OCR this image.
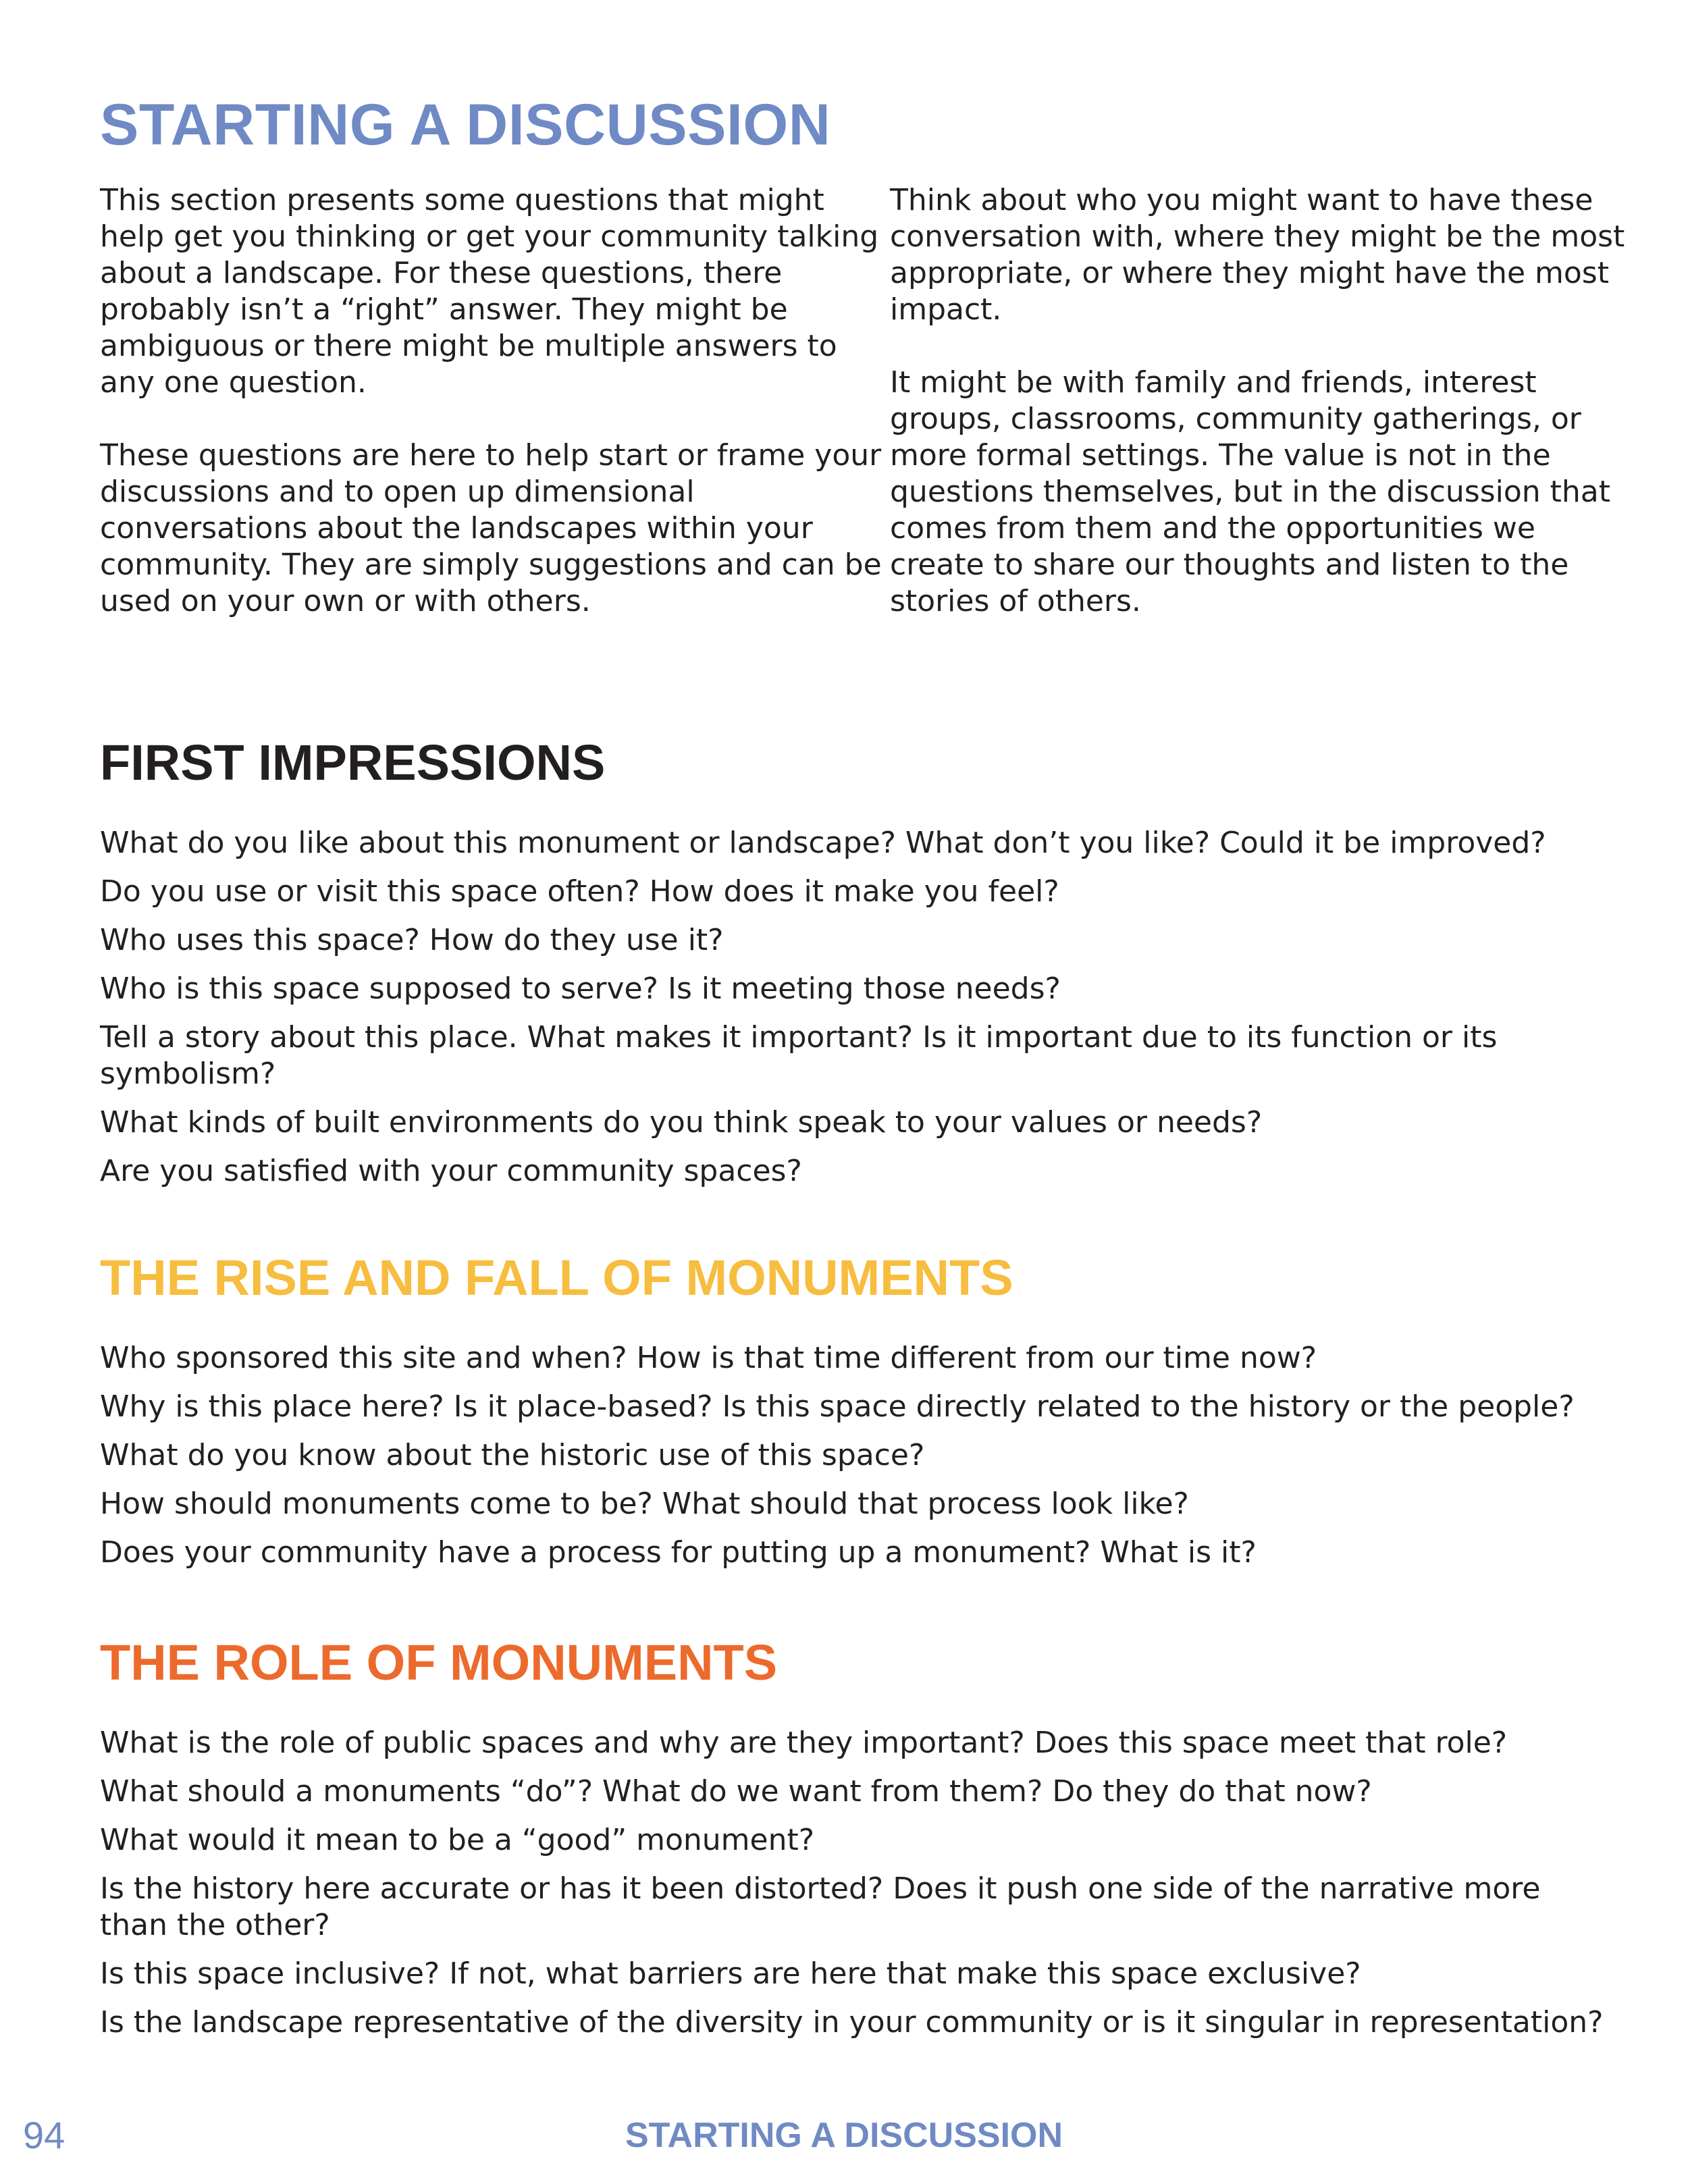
STARTING A DISCUSSION

This section presents some questions that might help get you thinking or get your community talking about a landscape. For these questions, there probably isn’t a “right” answer. They might be ambiguous or there might be multiple answers to any one question.

These questions are here to help start or frame your discussions and to open up dimensional conversations about the landscapes within your community. They are simply suggestions and can be used on your own or with others.

Think about who you might want to have these conversation with, where they might be the most appropriate, or where they might have the most impact.

It might be with family and friends, interest groups, classrooms, community gatherings, or more formal settings. The value is not in the questions themselves, but in the discussion that comes from them and the opportunities we create to share our thoughts and listen to the stories of others.

FIRST IMPRESSIONS
What do you like about this monument or landscape? What don’t you like? Could it be improved?
Do you use or visit this space often? How does it make you feel?
Who uses this space? How do they use it?
Who is this space supposed to serve? Is it meeting those needs?
Tell a story about this place. What makes it important? Is it important due to its function or its symbolism?
What kinds of built environments do you think speak to your values or needs?
Are you satisfied with your community spaces?
THE RISE AND FALL OF MONUMENTS
Who sponsored this site and when? How is that time different from our time now?
Why is this place here? Is it place-based? Is this space directly related to the history or the people?
What do you know about the historic use of this space?
How should monuments come to be? What should that process look like?
Does your community have a process for putting up a monument? What is it?
THE ROLE OF MONUMENTS
What is the role of public spaces and why are they important? Does this space meet that role?
What should a monuments “do”? What do we want from them? Do they do that now?
What would it mean to be a “good” monument?
Is the history here accurate or has it been distorted? Does it push one side of the narrative more than the other?
Is this space inclusive? If not, what barriers are here that make this space exclusive?
Is the landscape representative of the diversity in your community or is it singular in representation?
94	STARTING A DISCUSSION
